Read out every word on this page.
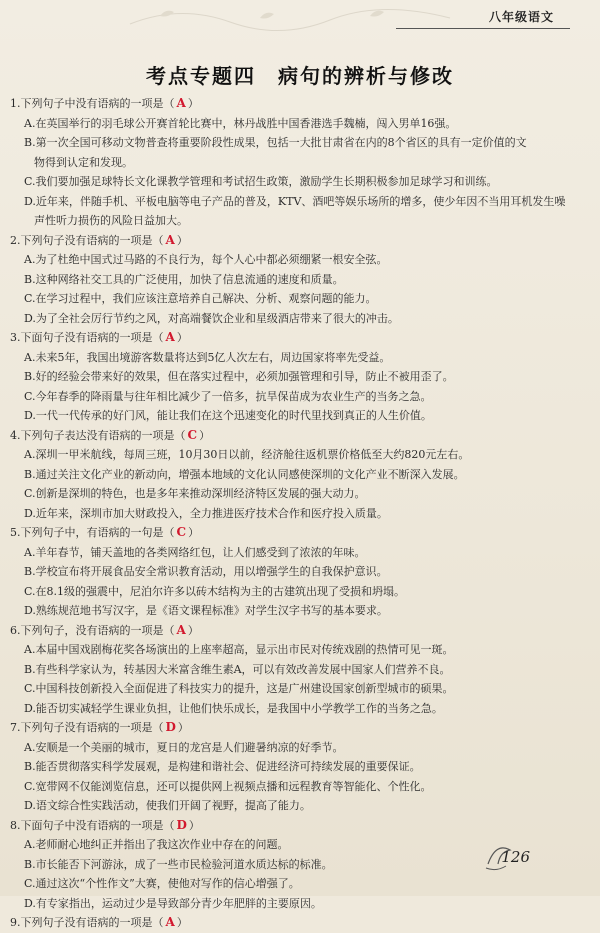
八年级语文
考点专题四　病句的辨析与修改

1.下列句子中没有语病的一项是（ A ）

A.在英国举行的羽毛球公开赛首轮比赛中，林丹战胜中国香港选手魏楠，闯入男单16强。

B.第一次全国可移动文物普查将重要阶段性成果，包括一大批甘肃省在内的8个省区的具有一定价值的文

物得到认定和发现。

C.我们要加强足球特长文化课教学管理和考试招生政策，激励学生长期积极参加足球学习和训练。

D.近年来，伴随手机、平板电脑等电子产品的普及，KTV、酒吧等娱乐场所的增多，使少年因不当用耳机发生噪

声性听力损伤的风险日益加大。

2.下列句子没有语病的一项是（ A ）

A.为了杜绝中国式过马路的不良行为，每个人心中都必须绷紧一根安全弦。

B.这种网络社交工具的广泛使用，加快了信息流通的速度和质量。

C.在学习过程中，我们应该注意培养自己解决、分析、观察问题的能力。

D.为了全社会厉行节约之风，对高端餐饮企业和星级酒店带来了很大的冲击。

3.下面句子没有语病的一项是（ A ）

A.未来5年，我国出境游客数量将达到5亿人次左右，周边国家将率先受益。

B.好的经验会带来好的效果，但在落实过程中，必须加强管理和引导，防止不被用歪了。

C.今年春季的降雨量与往年相比减少了一倍多，抗旱保苗成为农业生产的当务之急。

D.一代一代传承的好门风，能让我们在这个迅速变化的时代里找到真正的人生价值。

4.下列句子表达没有语病的一项是（ C ）

A.深圳一甲米航线，每周三班，10月30日以前，经济舱往返机票价格低至大约820元左右。

B.通过关注文化产业的新动向，增强本地域的文化认同感使深圳的文化产业不断深入发展。

C.创新是深圳的特色，也是多年来推动深圳经济特区发展的强大动力。

D.近年来，深圳市加大财政投入，全力推进医疗技术合作和医疗投入质量。

5.下列句子中，有语病的一句是（ C ）

A.羊年春节，铺天盖地的各类网络红包，让人们感受到了浓浓的年味。

B.学校宣布将开展食品安全常识教育活动，用以增强学生的自我保护意识。

C.在8.1级的强震中，尼泊尔许多以砖木结构为主的古建筑出现了受损和坍塌。

D.熟练规范地书写汉字，是《语文课程标准》对学生汉字书写的基本要求。

6.下列句子，没有语病的一项是（ A ）

A.本届中国戏剧梅花奖各场演出的上座率超高，显示出市民对传统戏剧的热情可见一斑。

B.有些科学家认为，转基因大米富含维生素A，可以有效改善发展中国家人们营养不良。

C.中国科技创新投入全面促进了科技实力的提升，这是广州建设国家创新型城市的硕果。

D.能否切实减轻学生课业负担，让他们快乐成长，是我国中小学教学工作的当务之急。

7.下列句子没有语病的一项是（ D ）

A.安顺是一个美丽的城市，夏日的龙宫是人们避暑纳凉的好季节。

B.能否贯彻落实科学发展观，是构建和谐社会、促进经济可持续发展的重要保证。

C.宽带网不仅能浏览信息，还可以提供网上视频点播和远程教育等智能化、个性化。

D.语文综合性实践活动，使我们开阔了视野，提高了能力。

8.下面句子中没有语病的一项是（ D ）

A.老师耐心地纠正并指出了我这次作业中存在的问题。

B.市长能否下河游泳，成了一些市民检验河道水质达标的标准。

C.通过这次“个性作文”大赛，使他对写作的信心增强了。

D.有专家指出，运动过少是导致部分青少年肥胖的主要原因。

9.下列句子没有语病的一项是（ A ）

126
